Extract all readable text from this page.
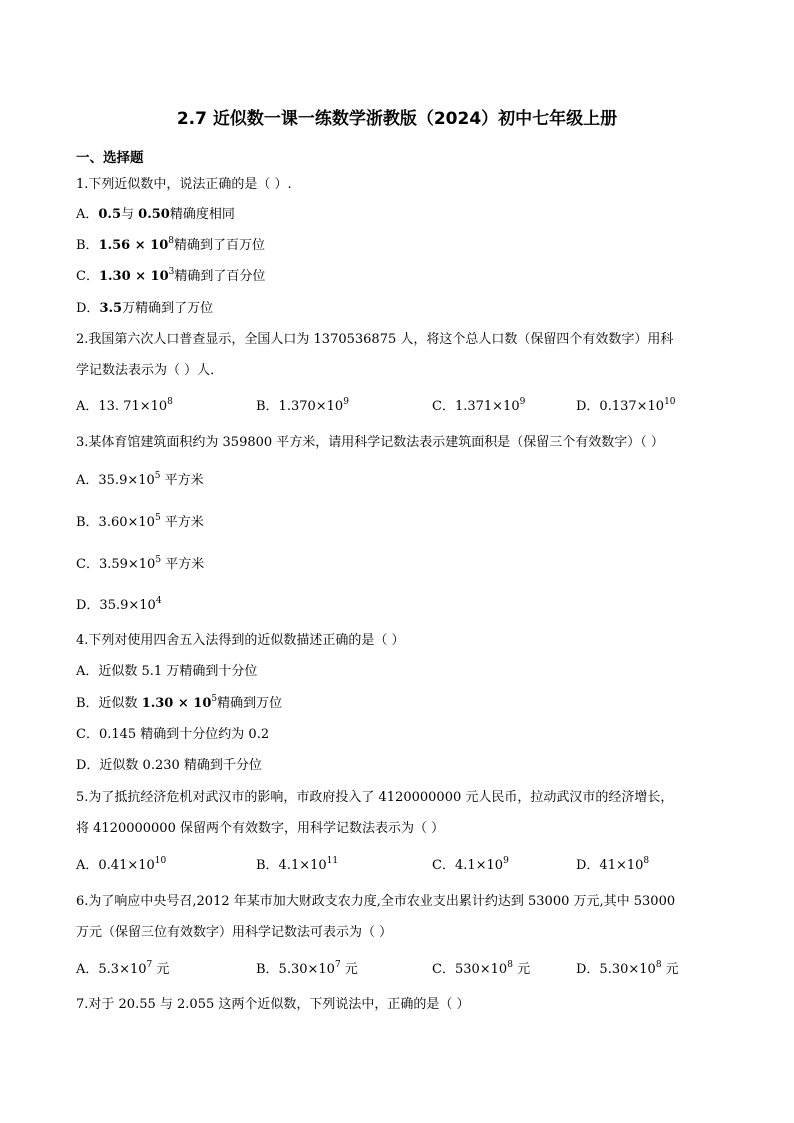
2.7 近似数一课一练数学浙教版（2024）初中七年级上册
一、选择题
1.下列近似数中，说法正确的是（ ）.
A．0.5与 0.50精确度相同
B．$1.56 \times 10^8$精确到了百万位
C．$1.30 \times 10^3$精确到了百分位
D．3.5万精确到了万位
2.我国第六次人口普查显示，全国人口为 1370536875 人，将这个总人口数（保留四个有效数字）用科
学记数法表示为（ ）人．
A．13. $71\times 10^8$	B．$1.370\times 10^9$	C．$1.371\times 10^9$	D．$0.137\times 10^{10}$
3.某体育馆建筑面积约为 359800 平方米，请用科学记数法表示建筑面积是（保留三个有效数字）（ ）
A．$35.9\times 10^5$ 平方米
B．$3.60\times 10^5$ 平方米
C．$3.59\times 10^5$ 平方米
D．$35.9\times 10^4$
4.下列对使用四舍五入法得到的近似数描述正确的是（ ）
A．近似数 5.1 万精确到十分位
B．近似数 $1.30 \times 10^5$精确到万位
C．0.145 精确到十分位约为 0.2
D．近似数 0.230 精确到千分位
5.为了抵抗经济危机对武汉市的影响，市政府投入了 4120000000 元人民币，拉动武汉市的经济增长，
将 4120000000 保留两个有效数字，用科学记数法表示为（ ）
A．$0.41\times 10^{10}$	B．$4.1\times 10^{11}$	C．$4.1\times 10^9$	D．$41\times 10^8$
6.为了响应中央号召,2012 年某市加大财政支农力度,全市农业支出累计约达到 53000 万元,其中 53000
万元（保留三位有效数字）用科学记数法可表示为（ ）
A．$5.3\times 10^7$ 元	B．$5.30\times 10^7$ 元	C．$530\times 10^8$ 元	D．$5.30\times 10^8$ 元
7.对于 20.55 与 2.055 这两个近似数，下列说法中，正确的是（ ）
